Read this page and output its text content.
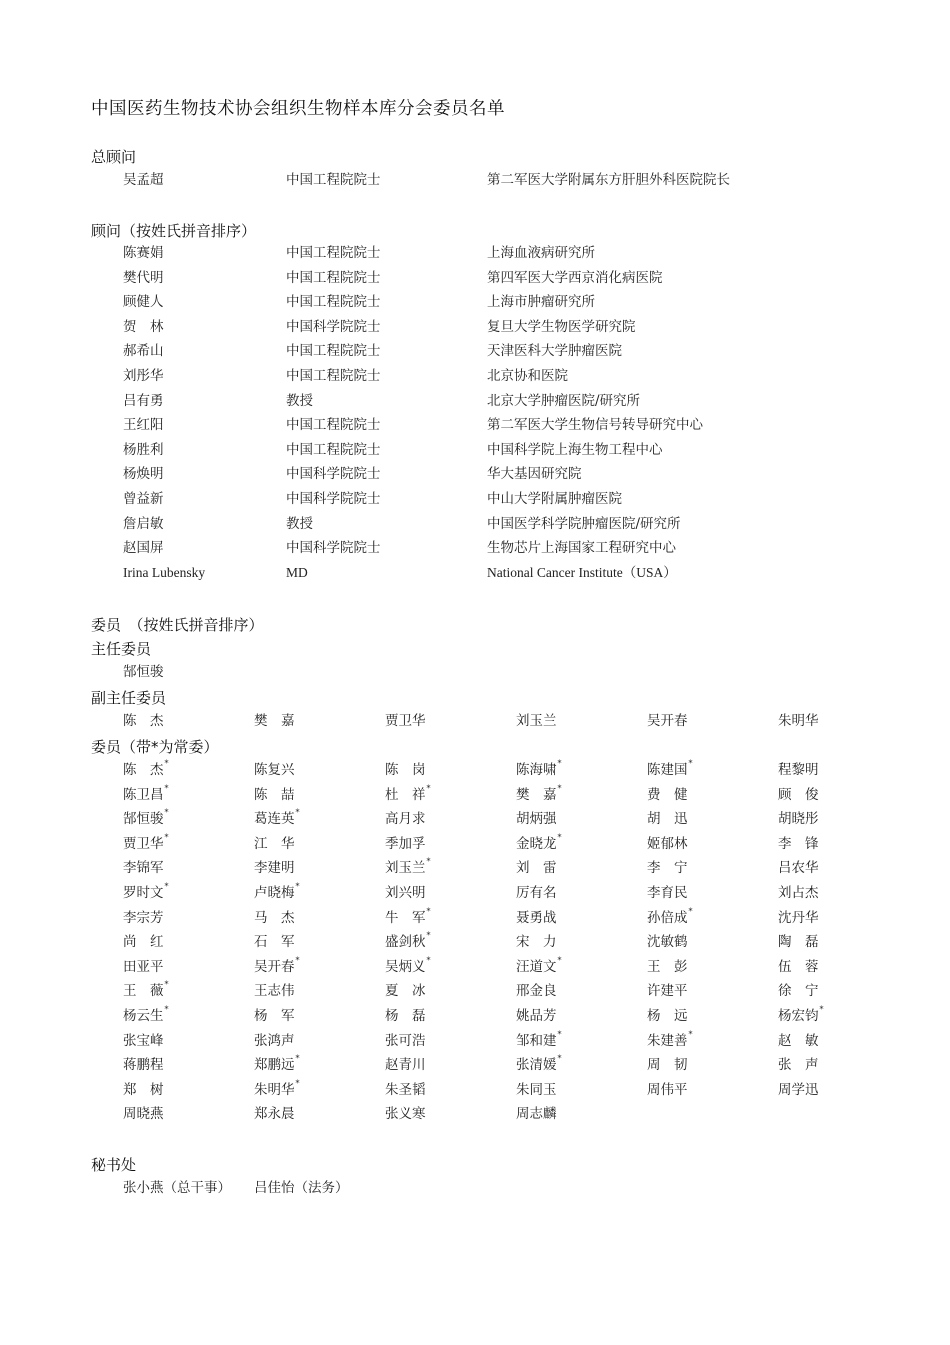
中国医药生物技术协会组织生物样本库分会委员名单
总顾问
吴孟超	中国工程院院士	第二军医大学附属东方肝胆外科医院院长
顾问（按姓氏拼音排序）
陈赛娟	中国工程院院士	上海血液病研究所
樊代明	中国工程院院士	第四军医大学西京消化病医院
顾健人	中国工程院院士	上海市肿瘤研究所
贺　林	中国科学院院士	复旦大学生物医学研究院
郝希山	中国工程院院士	天津医科大学肿瘤医院
刘彤华	中国工程院院士	北京协和医院
吕有勇	教授	北京大学肿瘤医院/研究所
王红阳	中国工程院院士	第二军医大学生物信号转导研究中心
杨胜利	中国工程院院士	中国科学院上海生物工程中心
杨焕明	中国科学院院士	华大基因研究院
曾益新	中国科学院院士	中山大学附属肿瘤医院
詹启敏	教授	中国医学科学院肿瘤医院/研究所
赵国屏	中国科学院院士	生物芯片上海国家工程研究中心
Irina Lubensky	MD	National Cancer Institute（USA）
委员　（按姓氏拼音排序）
主任委员
郜恒骏
副主任委员
陈　杰	樊　嘉	贾卫华	刘玉兰	吴开春	朱明华
委员（带*为常委）
陈　杰*	陈复兴	陈　岗	陈海啸*	陈建国*	程黎明
陈卫昌*	陈　喆	杜　祥*	樊　嘉*	费　健	顾　俊
郜恒骏*	葛连英*	高月求	胡炳强	胡　迅	胡晓彤
贾卫华*	江　华	季加孚	金晓龙*	姬郁林	李　锋
李锦军	李建明	刘玉兰*	刘　雷	李　宁	吕农华
罗时文*	卢晓梅*	刘兴明	厉有名	李育民	刘占杰
李宗芳	马　杰	牛　军*	聂勇战	孙倍成*	沈丹华
尚　红	石　军	盛剑秋*	宋　力	沈敏鹤	陶　磊
田亚平	吴开春*	吴炳义*	汪道文*	王　彭	伍　蓉
王　薇*	王志伟	夏　冰	邢金良	许建平	徐　宁
杨云生*	杨　军	杨　磊	姚品芳	杨　远	杨宏钧*
张宝峰	张鸿声	张可浩	邹和建*	朱建善*	赵　敏
蒋鹏程	郑鹏远*	赵青川	张清媛*	周　韧	张　声
郑　树	朱明华*	朱圣韬	朱同玉	周伟平	周学迅
周晓燕	郑永晨	张义寒	周志麟
秘书处
张小燕（总干事） 吕佳怡（法务）
